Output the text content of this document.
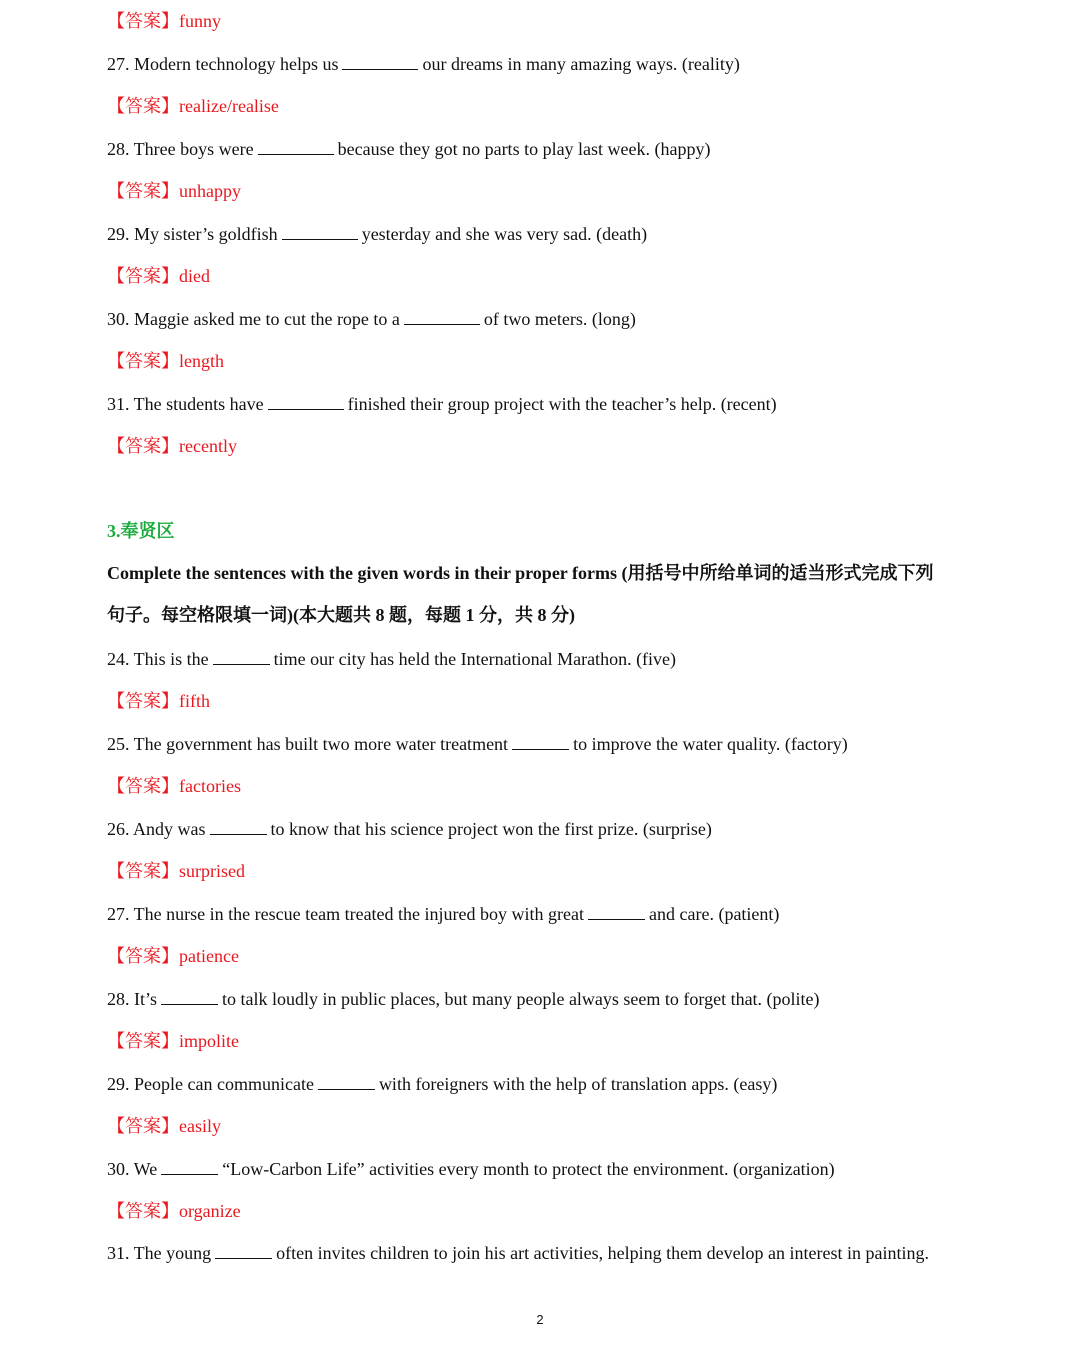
【答案】funny
27. Modern technology helps us	our dreams in many amazing ways. (reality)
【答案】realize/realise
28. Three boys were	because they got no parts to play last week. (happy)
【答案】unhappy
29. My sister’s goldfish	yesterday and she was very sad. (death)
【答案】died
30. Maggie asked me to cut the rope to a	of two meters. (long)
【答案】length
31. The students have	finished their group project with the teacher’s help. (recent)
【答案】recently
3.奉贤区
Complete the sentences with the given words in their proper forms (用括号中所给单词的适当形式完成下列
句子。每空格限填一词)(本大题共 8 题，每题 1 分，共 8 分)
24. This is the	time our city has held the International Marathon. (five)
【答案】fifth
25. The government has built two more water treatment	to improve the water quality. (factory)
【答案】factories
26. Andy was	to know that his science project won the first prize. (surprise)
【答案】surprised
27. The nurse in the rescue team treated the injured boy with great	and care. (patient)
【答案】patience
28. It’s	to talk loudly in public places, but many people always seem to forget that. (polite)
【答案】impolite
29. People can communicate	with foreigners with the help of translation apps. (easy)
【答案】easily
30. We	“Low-Carbon Life” activities every month to protect the environment. (organization)
【答案】organize
31. The young	often invites children to join his art activities, helping them develop an interest in painting.
2
